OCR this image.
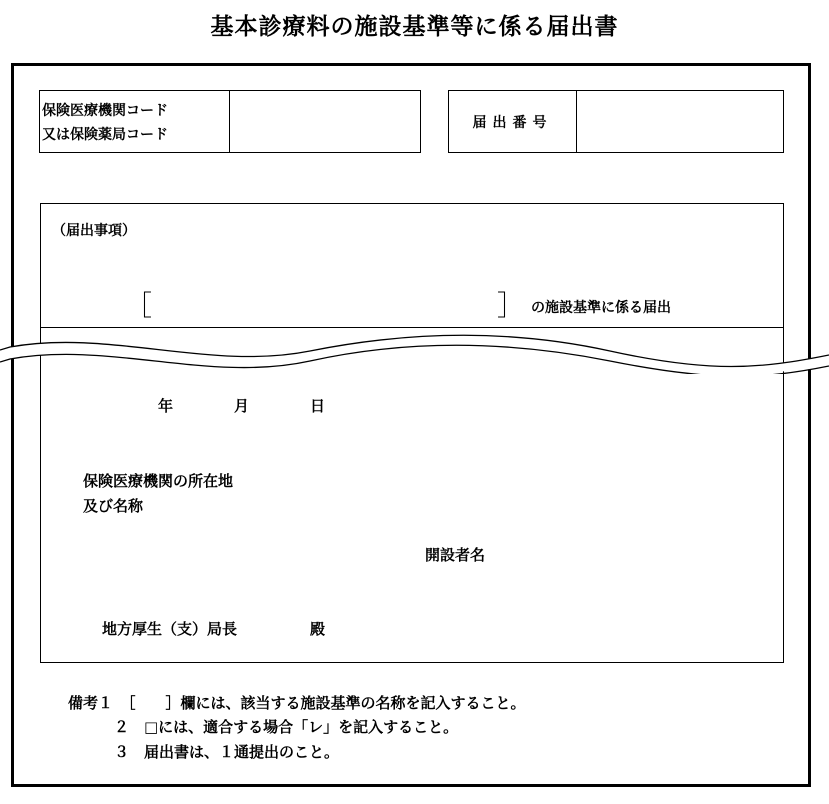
基本診療料の施設基準等に係る届出書
保険医療機関コード
又は保険薬局コード
届出番号
（届出事項）
［	］ の施設基準に係る届出
年	月	日
保険医療機関の所在地
及び名称
開設者名
地方厚生（支）局長	殿
備考１　［　　］欄には、該当する施設基準の名称を記入すること。
２　□には、適合する場合「レ」を記入すること。
３　届出書は、１通提出のこと。
